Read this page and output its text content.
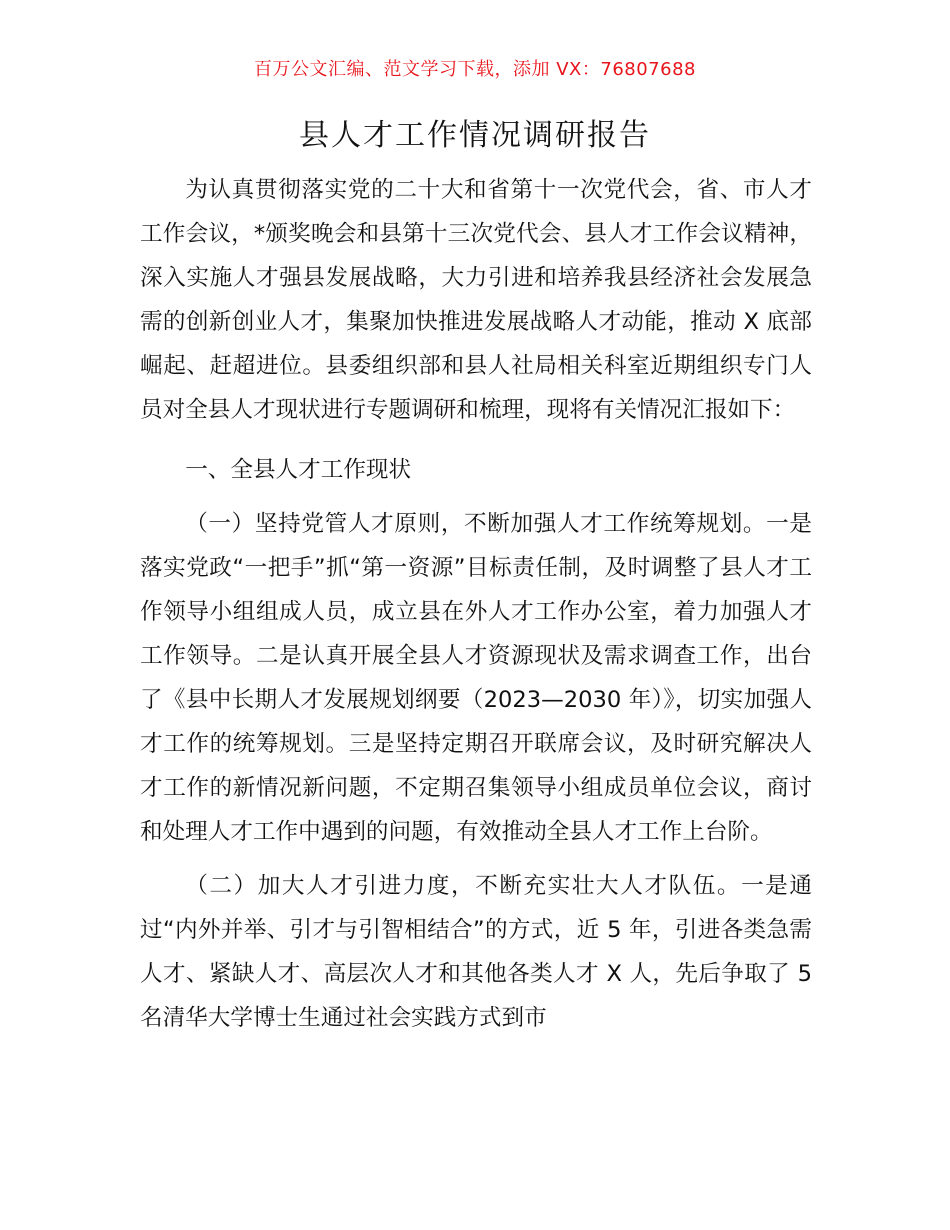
百万公文汇编、范文学习下载，添加 VX：76807688
县人才工作情况调研报告

为认真贯彻落实党的二十大和省第十一次党代会，省、市人才工作会议，*颁奖晚会和县第十三次党代会、县人才工作会议精神，深入实施人才强县发展战略，大力引进和培养我县经济社会发展急需的创新创业人才，集聚加快推进发展战略人才动能，推动 X 底部崛起、赶超进位。县委组织部和县人社局相关科室近期组织专门人员对全县人才现状进行专题调研和梳理，现将有关情况汇报如下：

一、全县人才工作现状

（一）坚持党管人才原则，不断加强人才工作统筹规划。一是落实党政“一把手”抓“第一资源”目标责任制，及时调整了县人才工作领导小组组成人员，成立县在外人才工作办公室，着力加强人才工作领导。二是认真开展全县人才资源现状及需求调查工作，出台了《县中长期人才发展规划纲要（2023—2030 年）》，切实加强人才工作的统筹规划。三是坚持定期召开联席会议，及时研究解决人才工作的新情况新问题，不定期召集领导小组成员单位会议，商讨和处理人才工作中遇到的问题，有效推动全县人才工作上台阶。

（二）加大人才引进力度，不断充实壮大人才队伍。一是通过“内外并举、引才与引智相结合”的方式，近 5 年，引进各类急需人才、紧缺人才、高层次人才和其他各类人才 X 人，先后争取了 5 名清华大学博士生通过社会实践方式到市
